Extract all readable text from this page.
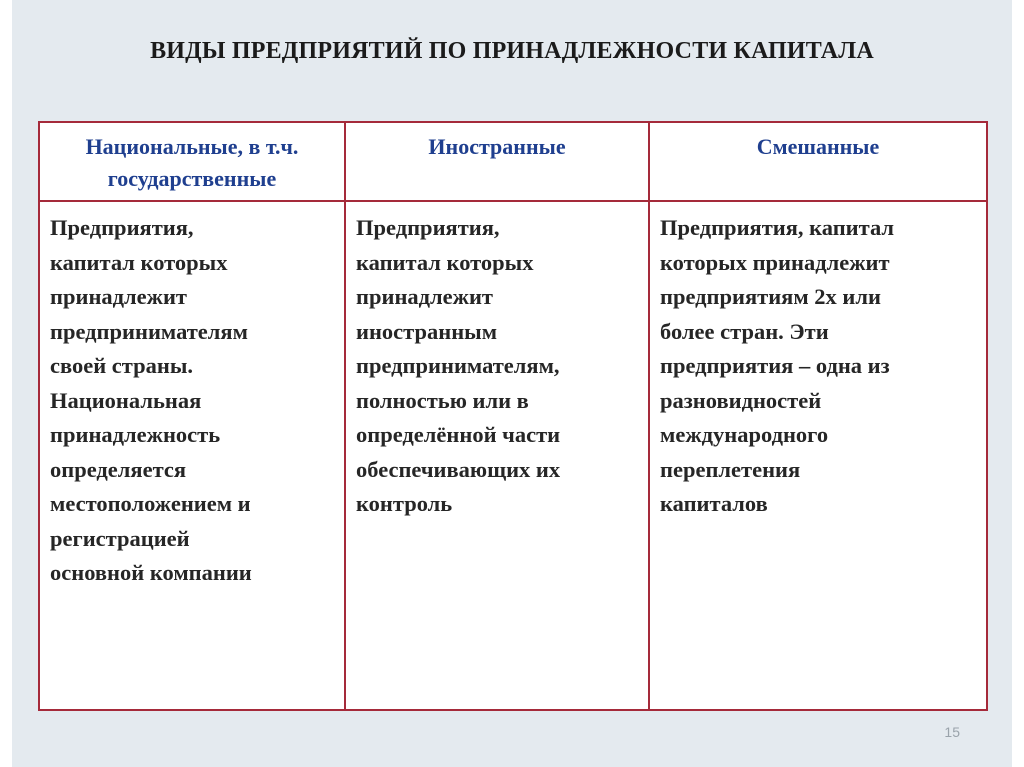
ВИДЫ ПРЕДПРИЯТИЙ ПО ПРИНАДЛЕЖНОСТИ КАПИТАЛА
Национальные, в т.ч.
государственные
Иностранные	Смешанные
Предприятия,
капитал которых
принадлежит
предпринимателям
своей страны.
Национальная
принадлежность
определяется
местоположением и
регистрацией
основной компании
Предприятия,
капитал которых
принадлежит
иностранным
предпринимателям,
полностью или в
определённой части
обеспечивающих их
контроль
Предприятия, капитал
которых принадлежит
предприятиям 2х или
более стран. Эти
предприятия – одна из
разновидностей
международного
переплетения
капиталов
15
